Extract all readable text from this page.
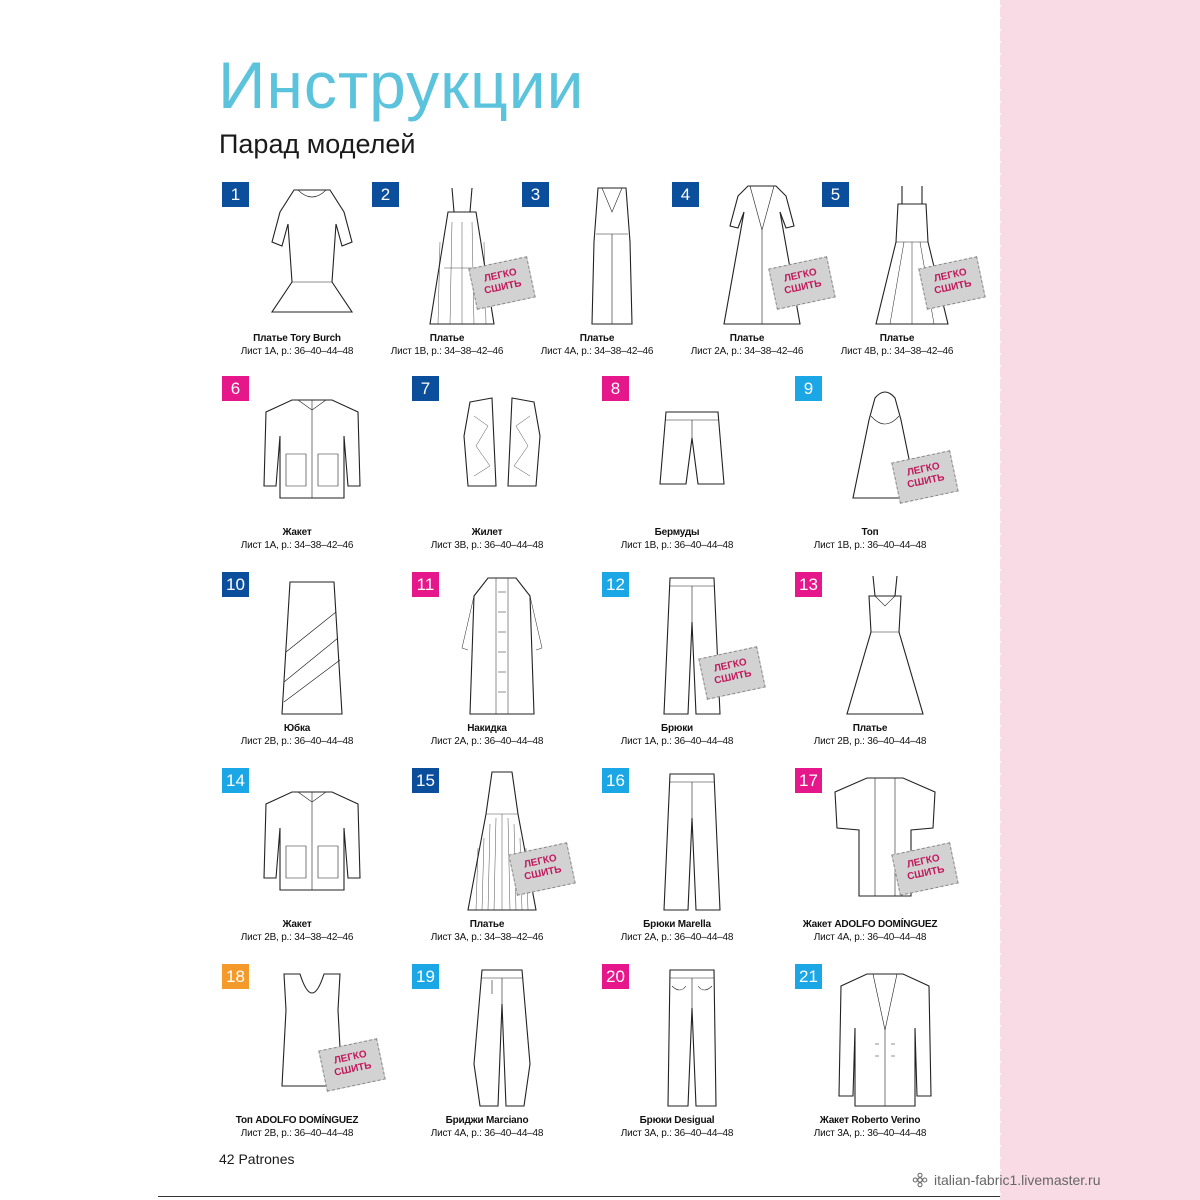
Инструкции
Парад моделей
1
Платье Tory Burch
Лист 1А, р.: 36–40–44–48
2
ЛЕГКО СШИТЬ
Платье
Лист 1В, р.: 34–38–42–46
3
Платье
Лист 4А, р.: 34–38–42–46
4
ЛЕГКО СШИТЬ
Платье
Лист 2А, р.: 34–38–42–46
5
ЛЕГКО СШИТЬ
Платье
Лист 4В, р.: 34–38–42–46
6
Жакет
Лист 1А, р.: 34–38–42–46
7
Жилет
Лист 3В, р.: 36–40–44–48
8
Бермуды
Лист 1В, р.: 36–40–44–48
9
ЛЕГКО СШИТЬ
Топ
Лист 1В, р.: 36–40–44–48
10
Юбка
Лист 2В, р.: 36–40–44–48
11
Накидка
Лист 2А, р.: 36–40–44–48
12
ЛЕГКО СШИТЬ
Брюки
Лист 1А, р.: 36–40–44–48
13
Платье
Лист 2В, р.: 36–40–44–48
14
Жакет
Лист 2В, р.: 34–38–42–46
15
ЛЕГКО СШИТЬ
Платье
Лист 3А, р.: 34–38–42–46
16
Брюки Marella
Лист 2А, р.: 36–40–44–48
17
ЛЕГКО СШИТЬ
Жакет ADOLFO DOMÍNGUEZ
Лист 4А, р.: 36–40–44–48
18
ЛЕГКО СШИТЬ
Топ ADOLFO DOMÍNGUEZ
Лист 2В, р.: 36–40–44–48
19
Бриджи Marciano
Лист 4А, р.: 36–40–44–48
20
Брюки Desigual
Лист 3А, р.: 36–40–44–48
21
Жакет Roberto Verino
Лист 3А, р.: 36–40–44–48
42 Patrones
italian-fabric1.livemaster.ru
